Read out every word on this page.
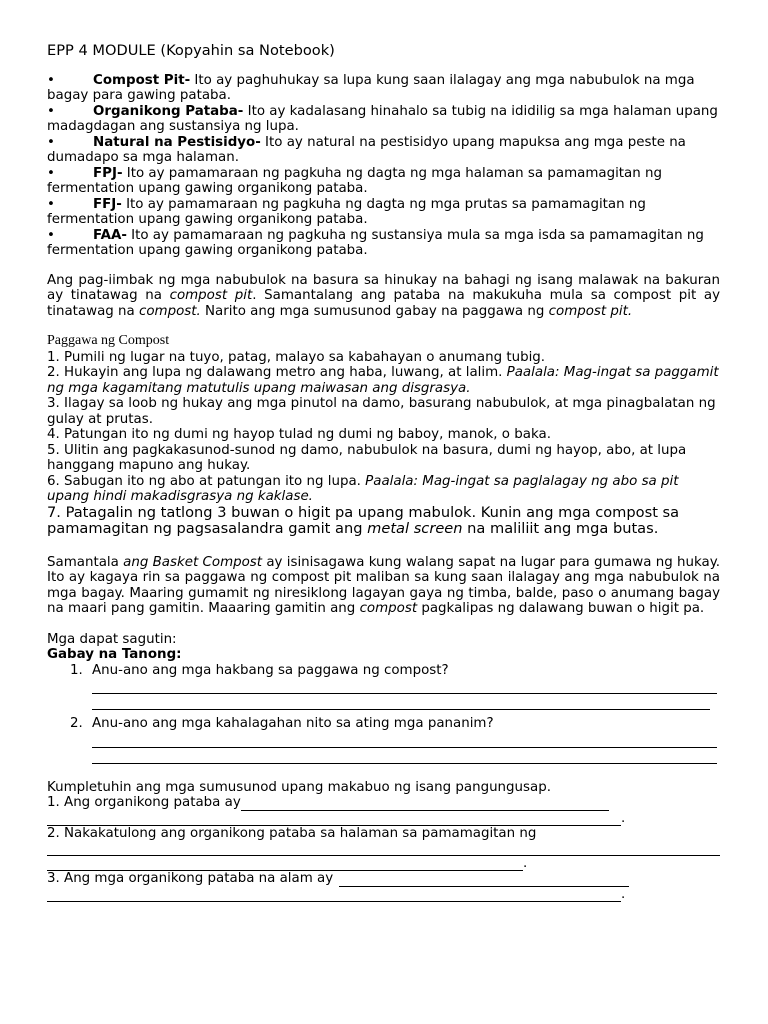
EPP 4 MODULE (Kopyahin sa Notebook)
•	Compost Pit- Ito ay paghuhukay sa lupa kung saan ilalagay ang mga nabubulok na mga bagay para gawing pataba.
•	Organikong Pataba- Ito ay kadalasang hinahalo sa tubig na ididilig sa mga halaman upang madagdagan ang sustansiya ng lupa.
•	Natural na Pestisidyo- Ito ay natural na pestisidyo upang mapuksa ang mga peste na dumadapo sa mga halaman.
•	FPJ- Ito ay pamamaraan ng pagkuha ng dagta ng mga halaman sa pamamagitan ng fermentation upang gawing organikong pataba.
•	FFJ- Ito ay pamamaraan ng pagkuha ng dagta ng mga prutas sa pamamagitan ng fermentation upang gawing organikong pataba.
•	FAA- Ito ay pamamaraan ng pagkuha ng sustansiya mula sa mga isda sa pamamagitan ng fermentation upang gawing organikong pataba.
Ang pag-iimbak ng mga nabubulok na basura sa hinukay na bahagi ng isang malawak na bakuran ay tinatawag na compost pit. Samantalang ang pataba na makukuha mula sa compost pit ay tinatawag na compost. Narito ang mga sumusunod gabay na paggawa ng compost pit.
Paggawa ng Compost
1. Pumili ng lugar na tuyo, patag, malayo sa kabahayan o anumang tubig.
2. Hukayin ang lupa ng dalawang metro ang haba, luwang, at lalim. Paalala: Mag-ingat sa paggamit ng mga kagamitang matutulis upang maiwasan ang disgrasya.
3. Ilagay sa loob ng hukay ang mga pinutol na damo, basurang nabubulok, at mga pinagbalatan ng gulay at prutas.
4. Patungan ito ng dumi ng hayop tulad ng dumi ng baboy, manok, o baka.
5. Ulitin ang pagkakasunod-sunod ng damo, nabubulok na basura, dumi ng hayop, abo, at lupa hanggang mapuno ang hukay.
6. Sabugan ito ng abo at patungan ito ng lupa. Paalala: Mag-ingat sa paglalagay ng abo sa pit upang hindi makadisgrasya ng kaklase.
7. Patagalin ng tatlong 3 buwan o higit pa upang mabulok. Kunin ang mga compost sa pamamagitan ng pagsasalandra gamit ang metal screen na maliliit ang mga butas.
Samantala ang Basket Compost ay isinisagawa kung walang sapat na lugar para gumawa ng hukay. Ito ay kagaya rin sa paggawa ng compost pit maliban sa kung saan ilalagay ang mga nabubulok na mga bagay. Maaring gumamit ng niresiklong lagayan gaya ng timba, balde, paso o anumang bagay na maari pang gamitin. Maaaring gamitin ang compost pagkalipas ng dalawang buwan o higit pa.
Mga dapat sagutin:
Gabay na Tanong:
1. Anu-ano ang mga hakbang sa paggawa ng compost?
2. Anu-ano ang mga kahalagahan nito sa ating mga pananim?
Kumpletuhin ang mga sumusunod upang makabuo ng isang pangungusap.
1. Ang organikong pataba ay
.
2. Nakakatulong ang organikong pataba sa halaman sa pamamagitan ng
.
3. Ang mga organikong pataba na alam ay
.
